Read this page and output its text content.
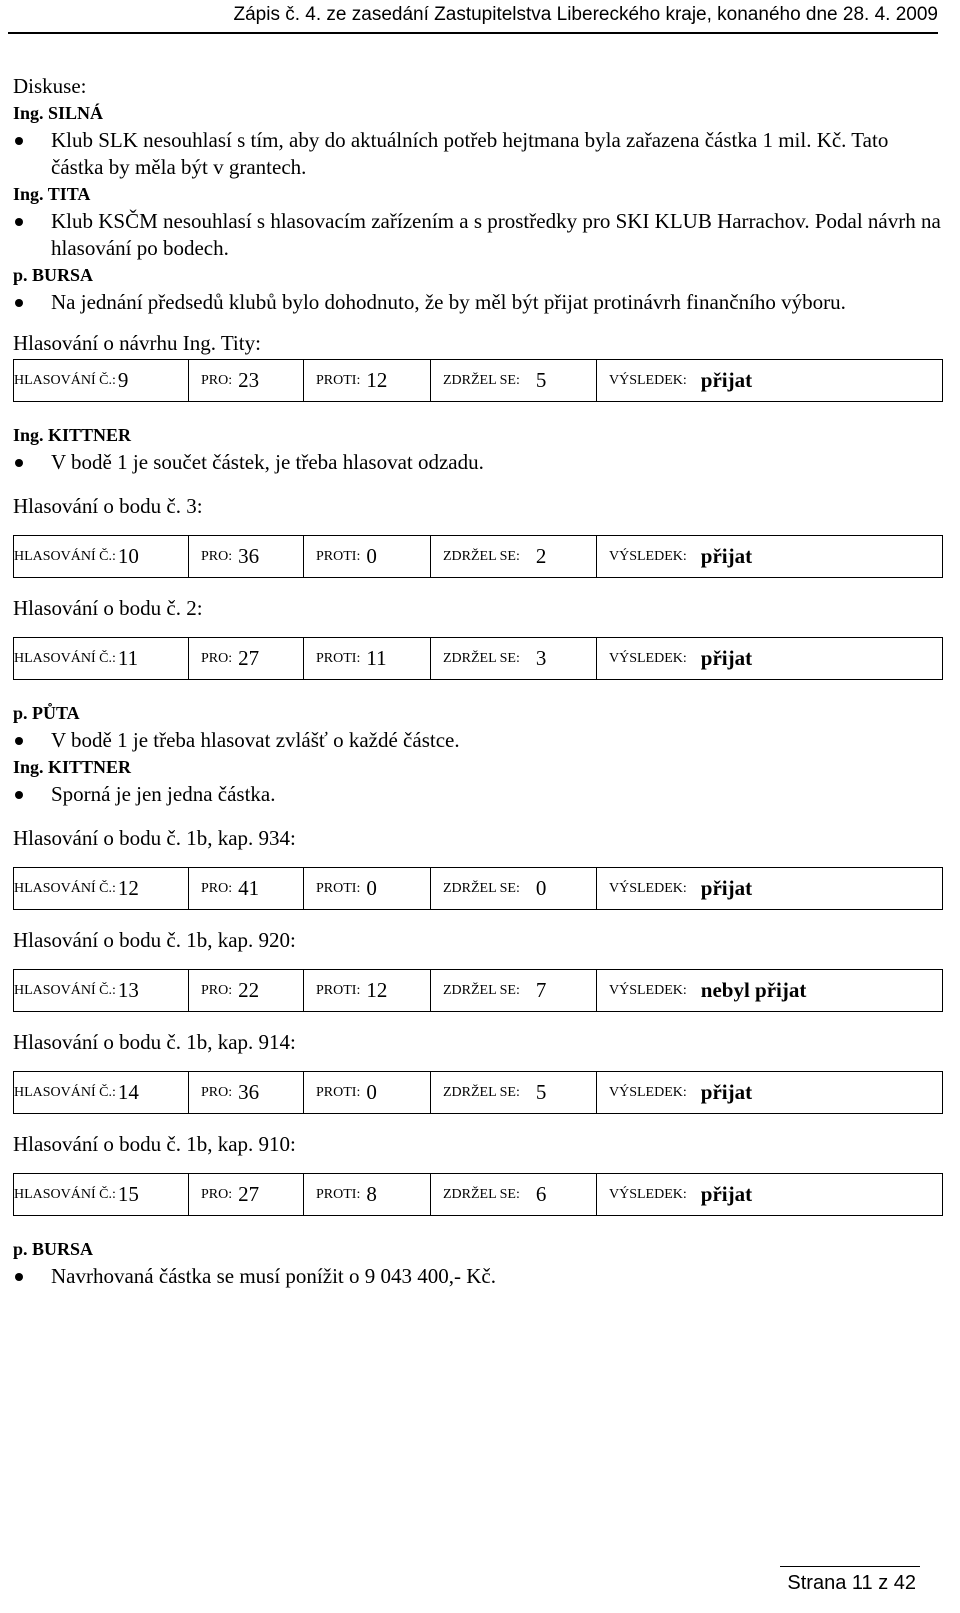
Zápis č. 4. ze zasedání Zastupitelstva Libereckého kraje, konaného dne 28. 4. 2009
Diskuse:
Ing. SILNÁ
Klub SLK nesouhlasí s tím, aby do aktuálních potřeb hejtmana byla zařazena částka 1 mil. Kč. Tato částka by měla být v grantech.
Ing. TITA
Klub KSČM nesouhlasí s hlasovacím zařízením a s prostředky pro SKI KLUB Harrachov. Podal návrh na hlasování po bodech.
p. BURSA
Na jednání předsedů klubů bylo dohodnuto, že by měl být přijat protinávrh finančního výboru.
Hlasování o návrhu Ing. Tity:
HLASOVÁNÍ Č.: 9	PRO: 23	PROTI: 12	ZDRŽEL SE: 5	VÝSLEDEK: přijat
Ing. KITTNER
V bodě 1 je součet částek, je třeba hlasovat odzadu.
Hlasování o bodu č. 3:
HLASOVÁNÍ Č.: 10	PRO: 36	PROTI: 0	ZDRŽEL SE: 2	VÝSLEDEK: přijat
Hlasování o bodu č. 2:
HLASOVÁNÍ Č.: 11	PRO: 27	PROTI: 11	ZDRŽEL SE: 3	VÝSLEDEK: přijat
p. PŮTA
V bodě 1 je třeba hlasovat zvlášť o každé částce.
Ing. KITTNER
Sporná je jen jedna částka.
Hlasování o bodu č. 1b, kap. 934:
HLASOVÁNÍ Č.: 12	PRO: 41	PROTI: 0	ZDRŽEL SE: 0	VÝSLEDEK: přijat
Hlasování o bodu č. 1b, kap. 920:
HLASOVÁNÍ Č.: 13	PRO: 22	PROTI: 12	ZDRŽEL SE: 7	VÝSLEDEK: nebyl přijat
Hlasování o bodu č. 1b, kap. 914:
HLASOVÁNÍ Č.: 14	PRO: 36	PROTI: 0	ZDRŽEL SE: 5	VÝSLEDEK: přijat
Hlasování o bodu č. 1b, kap. 910:
HLASOVÁNÍ Č.: 15	PRO: 27	PROTI: 8	ZDRŽEL SE: 6	VÝSLEDEK: přijat
p. BURSA
Navrhovaná částka se musí ponížit o 9 043 400,- Kč.
Strana 11 z 42
